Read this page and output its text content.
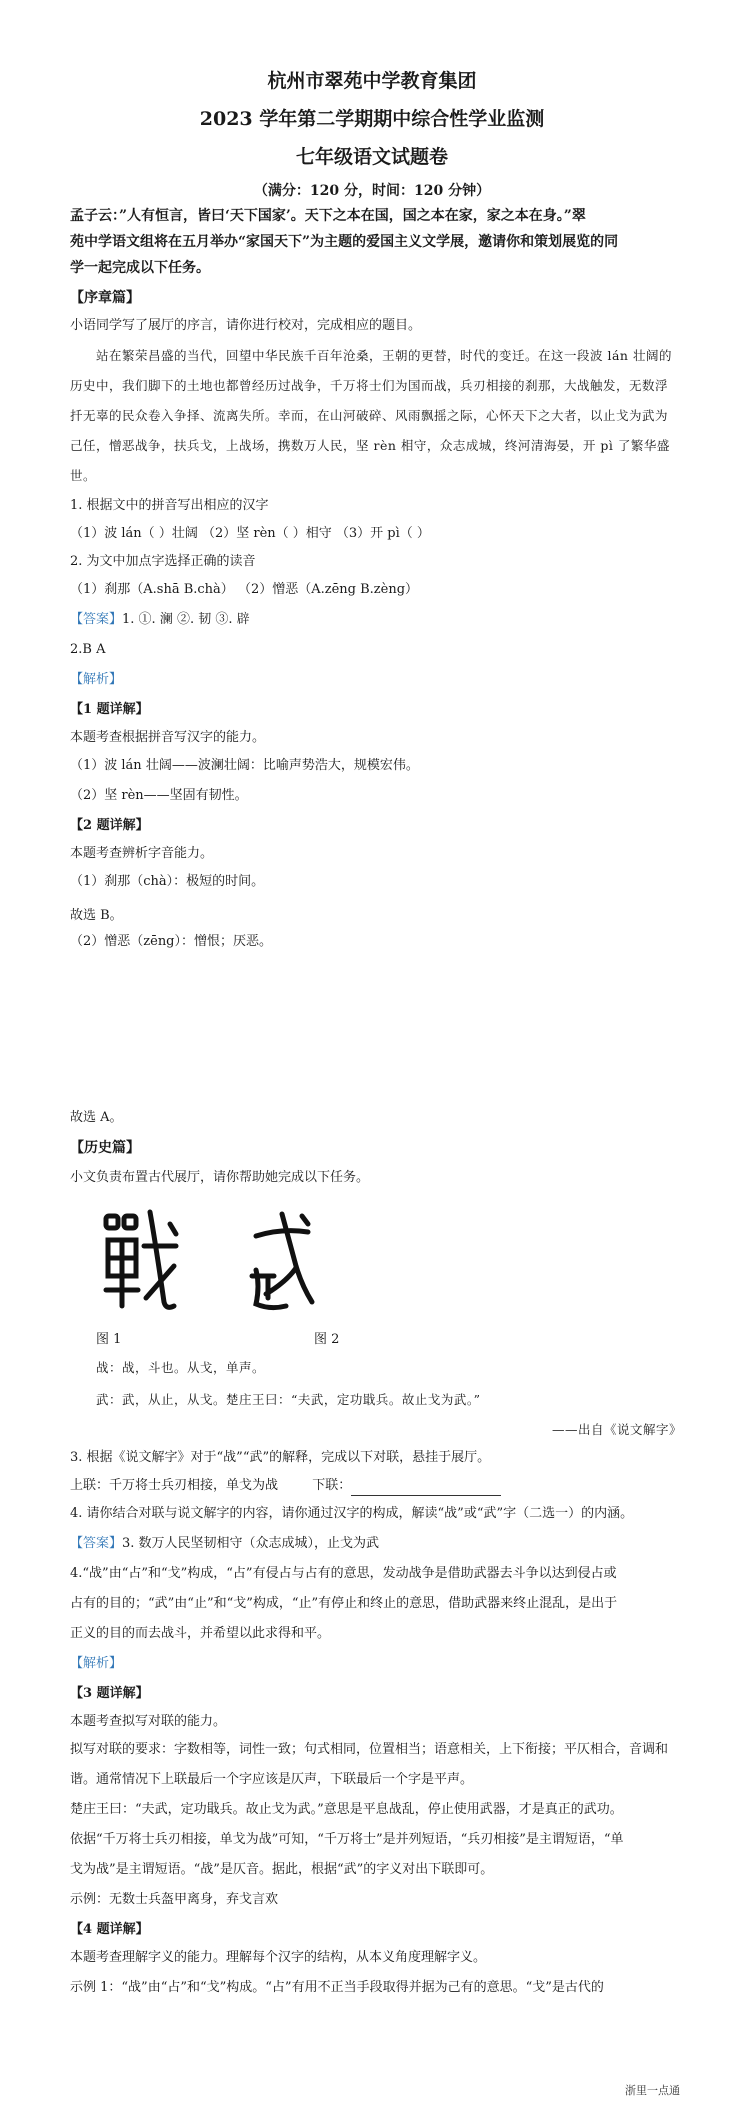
杭州市翠苑中学教育集团
2023 学年第二学期期中综合性学业监测
七年级语文试题卷
（满分：120 分，时间：120 分钟）
孟子云：”人有恒言，皆曰‘天下国家’。天下之本在国，国之本在家，家之本在身。”翠
苑中学语文组将在五月举办“家国天下”为主题的爱国主义文学展，邀请你和策划展览的同
学一起完成以下任务。
【序章篇】
小语同学写了展厅的序言，请你进行校对，完成相应的题目。
站在繁荣昌盛的当代，回望中华民族千百年沧桑，王朝的更替，时代的变迁。在这一段波 lán 壮阔的
历史中，我们脚下的土地也都曾经历过战争，千万将士们为国而战，兵刃相接的刹那，大战触发，无数浮
扦无辜的民众卷入争择、流离失所。幸而，在山河破碎、风雨飘摇之际，心怀天下之大者，以止戈为武为
己任，憎恶战争，扶兵戈，上战场，携数万人民，坚 rèn 相守，众志成城，终河清海晏，开 pì 了繁华盛
世。
1. 根据文中的拼音写出相应的汉字
（1）波 lán（ ）壮阔 （2）坚 rèn（ ）相守 （3）开 pì（ ）
2. 为文中加点字选择正确的读音
（1）刹那（A.shā B.chà） （2）憎恶（A.zēng B.zèng）
【答案】1. ①. 澜 ②. 韧 ③. 辟
2.B A
【解析】
【1 题详解】
本题考查根据拼音写汉字的能力。
（1）波 lán 壮阔——波澜壮阔：比喻声势浩大，规模宏伟。
（2）坚 rèn——坚固有韧性。
【2 题详解】
本题考查辨析字音能力。
（1）刹那（chà）：极短的时间。
故选 B。
（2）憎恶（zēng）：憎恨；厌恶。
故选 A。
【历史篇】
小文负责布置古代展厅，请你帮助她完成以下任务。
图 1	图 2
战：战，斗也。从戈，单声。
武：武，从止，从戈。楚庄王曰：“夫武，定功戢兵。故止戈为武。”
——出自《说文解字》
3. 根据《说文解字》对于“战”“武”的解释，完成以下对联，悬挂于展厅。
上联：千万将士兵刃相接，单戈为战	下联：
4. 请你结合对联与说文解字的内容，请你通过汉字的构成，解读“战”或“武”字（二选一）的内涵。
【答案】3. 数万人民坚韧相守（众志成城），止戈为武
4.“战”由“占”和“戈”构成，“占”有侵占与占有的意思，发动战争是借助武器去斗争以达到侵占或
占有的目的；“武”由“止”和“戈”构成，“止”有停止和终止的意思，借助武器来终止混乱，是出于
正义的目的而去战斗，并希望以此求得和平。
【解析】
【3 题详解】
本题考查拟写对联的能力。
拟写对联的要求：字数相等，词性一致；句式相同，位置相当；语意相关，上下衔接；平仄相合，音调和
谐。通常情况下上联最后一个字应该是仄声，下联最后一个字是平声。
楚庄王曰：“夫武，定功戢兵。故止戈为武。”意思是平息战乱，停止使用武器，才是真正的武功。
依据“千万将士兵刃相接，单戈为战”可知，“千万将士”是并列短语，“兵刃相接”是主谓短语，“单
戈为战”是主谓短语。“战”是仄音。据此，根据“武”的字义对出下联即可。
示例：无数士兵盔甲离身，弃戈言欢
【4 题详解】
本题考查理解字义的能力。理解每个汉字的结构，从本义角度理解字义。
示例 1：“战”由“占”和“戈”构成。“占”有用不正当手段取得并据为己有的意思。“戈”是古代的
浙里一点通
